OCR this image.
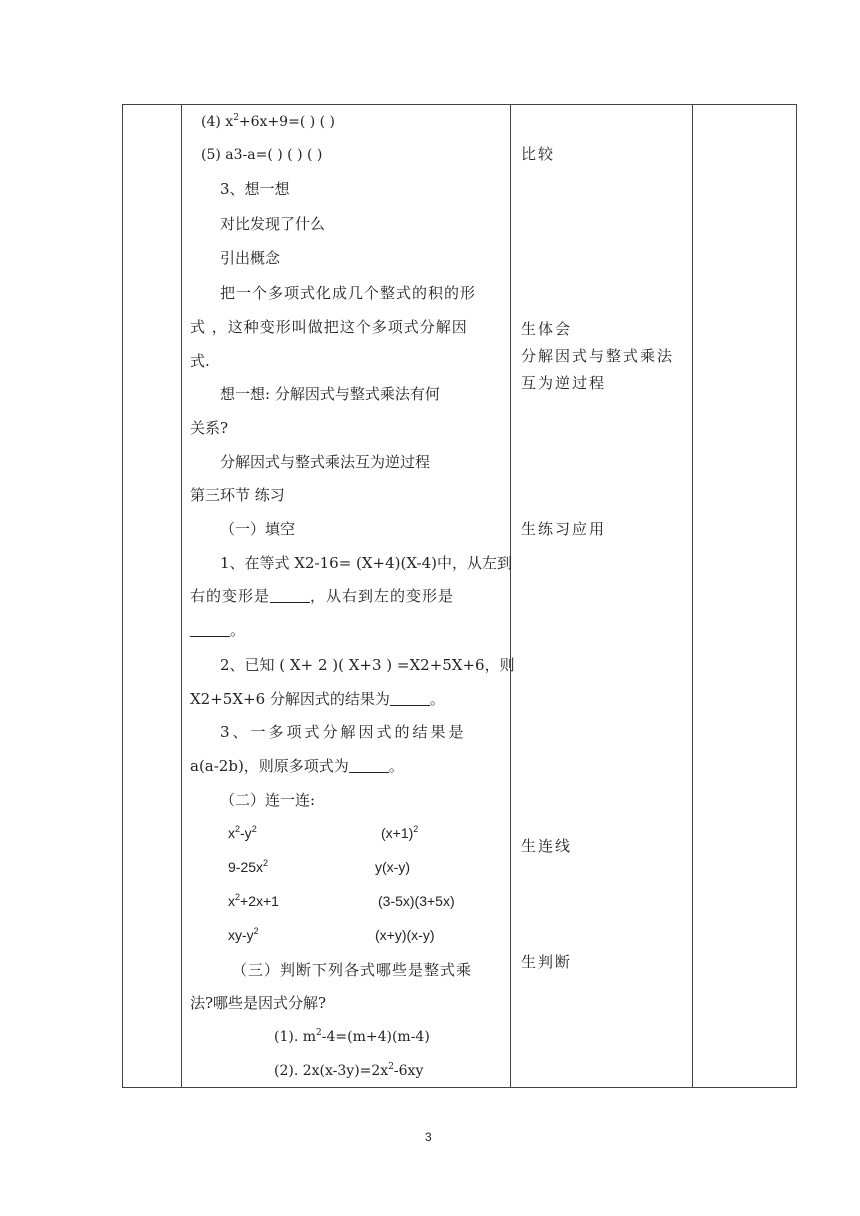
(4) $x^2+6x+9=$( ) ( )
(5) a3-a=( ) ( ) ( )
3、想一想
对比发现了什么
引出概念
把一个多项式化成几个整式的积的形
式 ，这种变形叫做把这个多项式分解因
式.
想一想: 分解因式与整式乘法有何
关系?
分解因式与整式乘法互为逆过程
第三环节 练习
（一）填空
1、在等式 X2-16= (X+4)(X-4)中，从左到
右的变形是	，从右到左的变形是
。
2、已知 ( X+ 2 )( X+3 ) =X2+5X+6，则
X2+5X+6 分解因式的结果为	。
3、一多项式分解因式的结果是
a(a-2b)，则原多项式为	。
（二）连一连:
$x^2-y^2$	$(x+1)^2$
$9-25x^2$	y(x-y)
$x^2+2x+1$	(3-5x)(3+5x)
$xy-y^2$	(x+y)(x-y)
（三）判断下列各式哪些是整式乘
法?哪些是因式分解?
(1). $m^2-4=(m+4)(m-4)$
(2). $2x(x-3y)=2x^2-6xy$
比较
生体会
分解因式与整式乘法
互为逆过程
生练习应用
生连线
生判断
3
